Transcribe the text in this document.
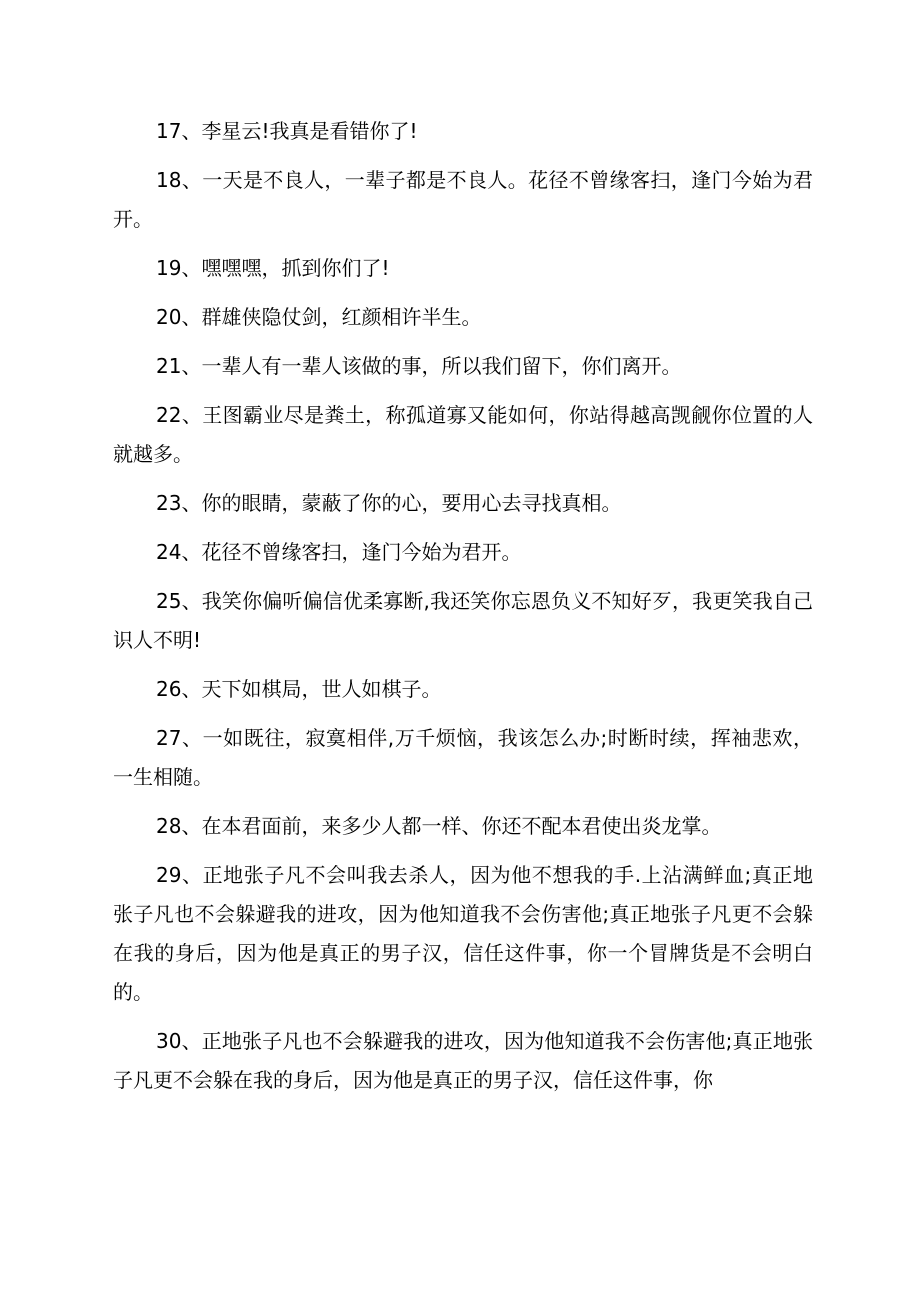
17、李星云!我真是看错你了!

18、一天是不良人，一辈子都是不良人。花径不曾缘客扫，逢门今始为君开。

19、嘿嘿嘿，抓到你们了!

20、群雄侠隐仗剑，红颜相许半生。

21、一辈人有一辈人该做的事，所以我们留下，你们离开。

22、王图霸业尽是粪土，称孤道寡又能如何，你站得越高觊觎你位置的人就越多。

23、你的眼睛，蒙蔽了你的心，要用心去寻找真相。

24、花径不曾缘客扫，逢门今始为君开。

25、我笑你偏听偏信优柔寡断,我还笑你忘恩负义不知好歹，我更笑我自己识人不明!

26、天下如棋局，世人如棋子。

27、一如既往，寂寞相伴,万千烦恼，我该怎么办;时断时续，挥袖悲欢，一生相随。

28、在本君面前，来多少人都一样、你还不配本君使出炎龙掌。

29、正地张子凡不会叫我去杀人，因为他不想我的手.上沾满鲜血;真正地张子凡也不会躲避我的进攻，因为他知道我不会伤害他;真正地张子凡更不会躲在我的身后，因为他是真正的男子汉，信任这件事，你一个冒牌货是不会明白的。

30、正地张子凡也不会躲避我的进攻，因为他知道我不会伤害他;真正地张子凡更不会躲在我的身后，因为他是真正的男子汉，信任这件事，你
